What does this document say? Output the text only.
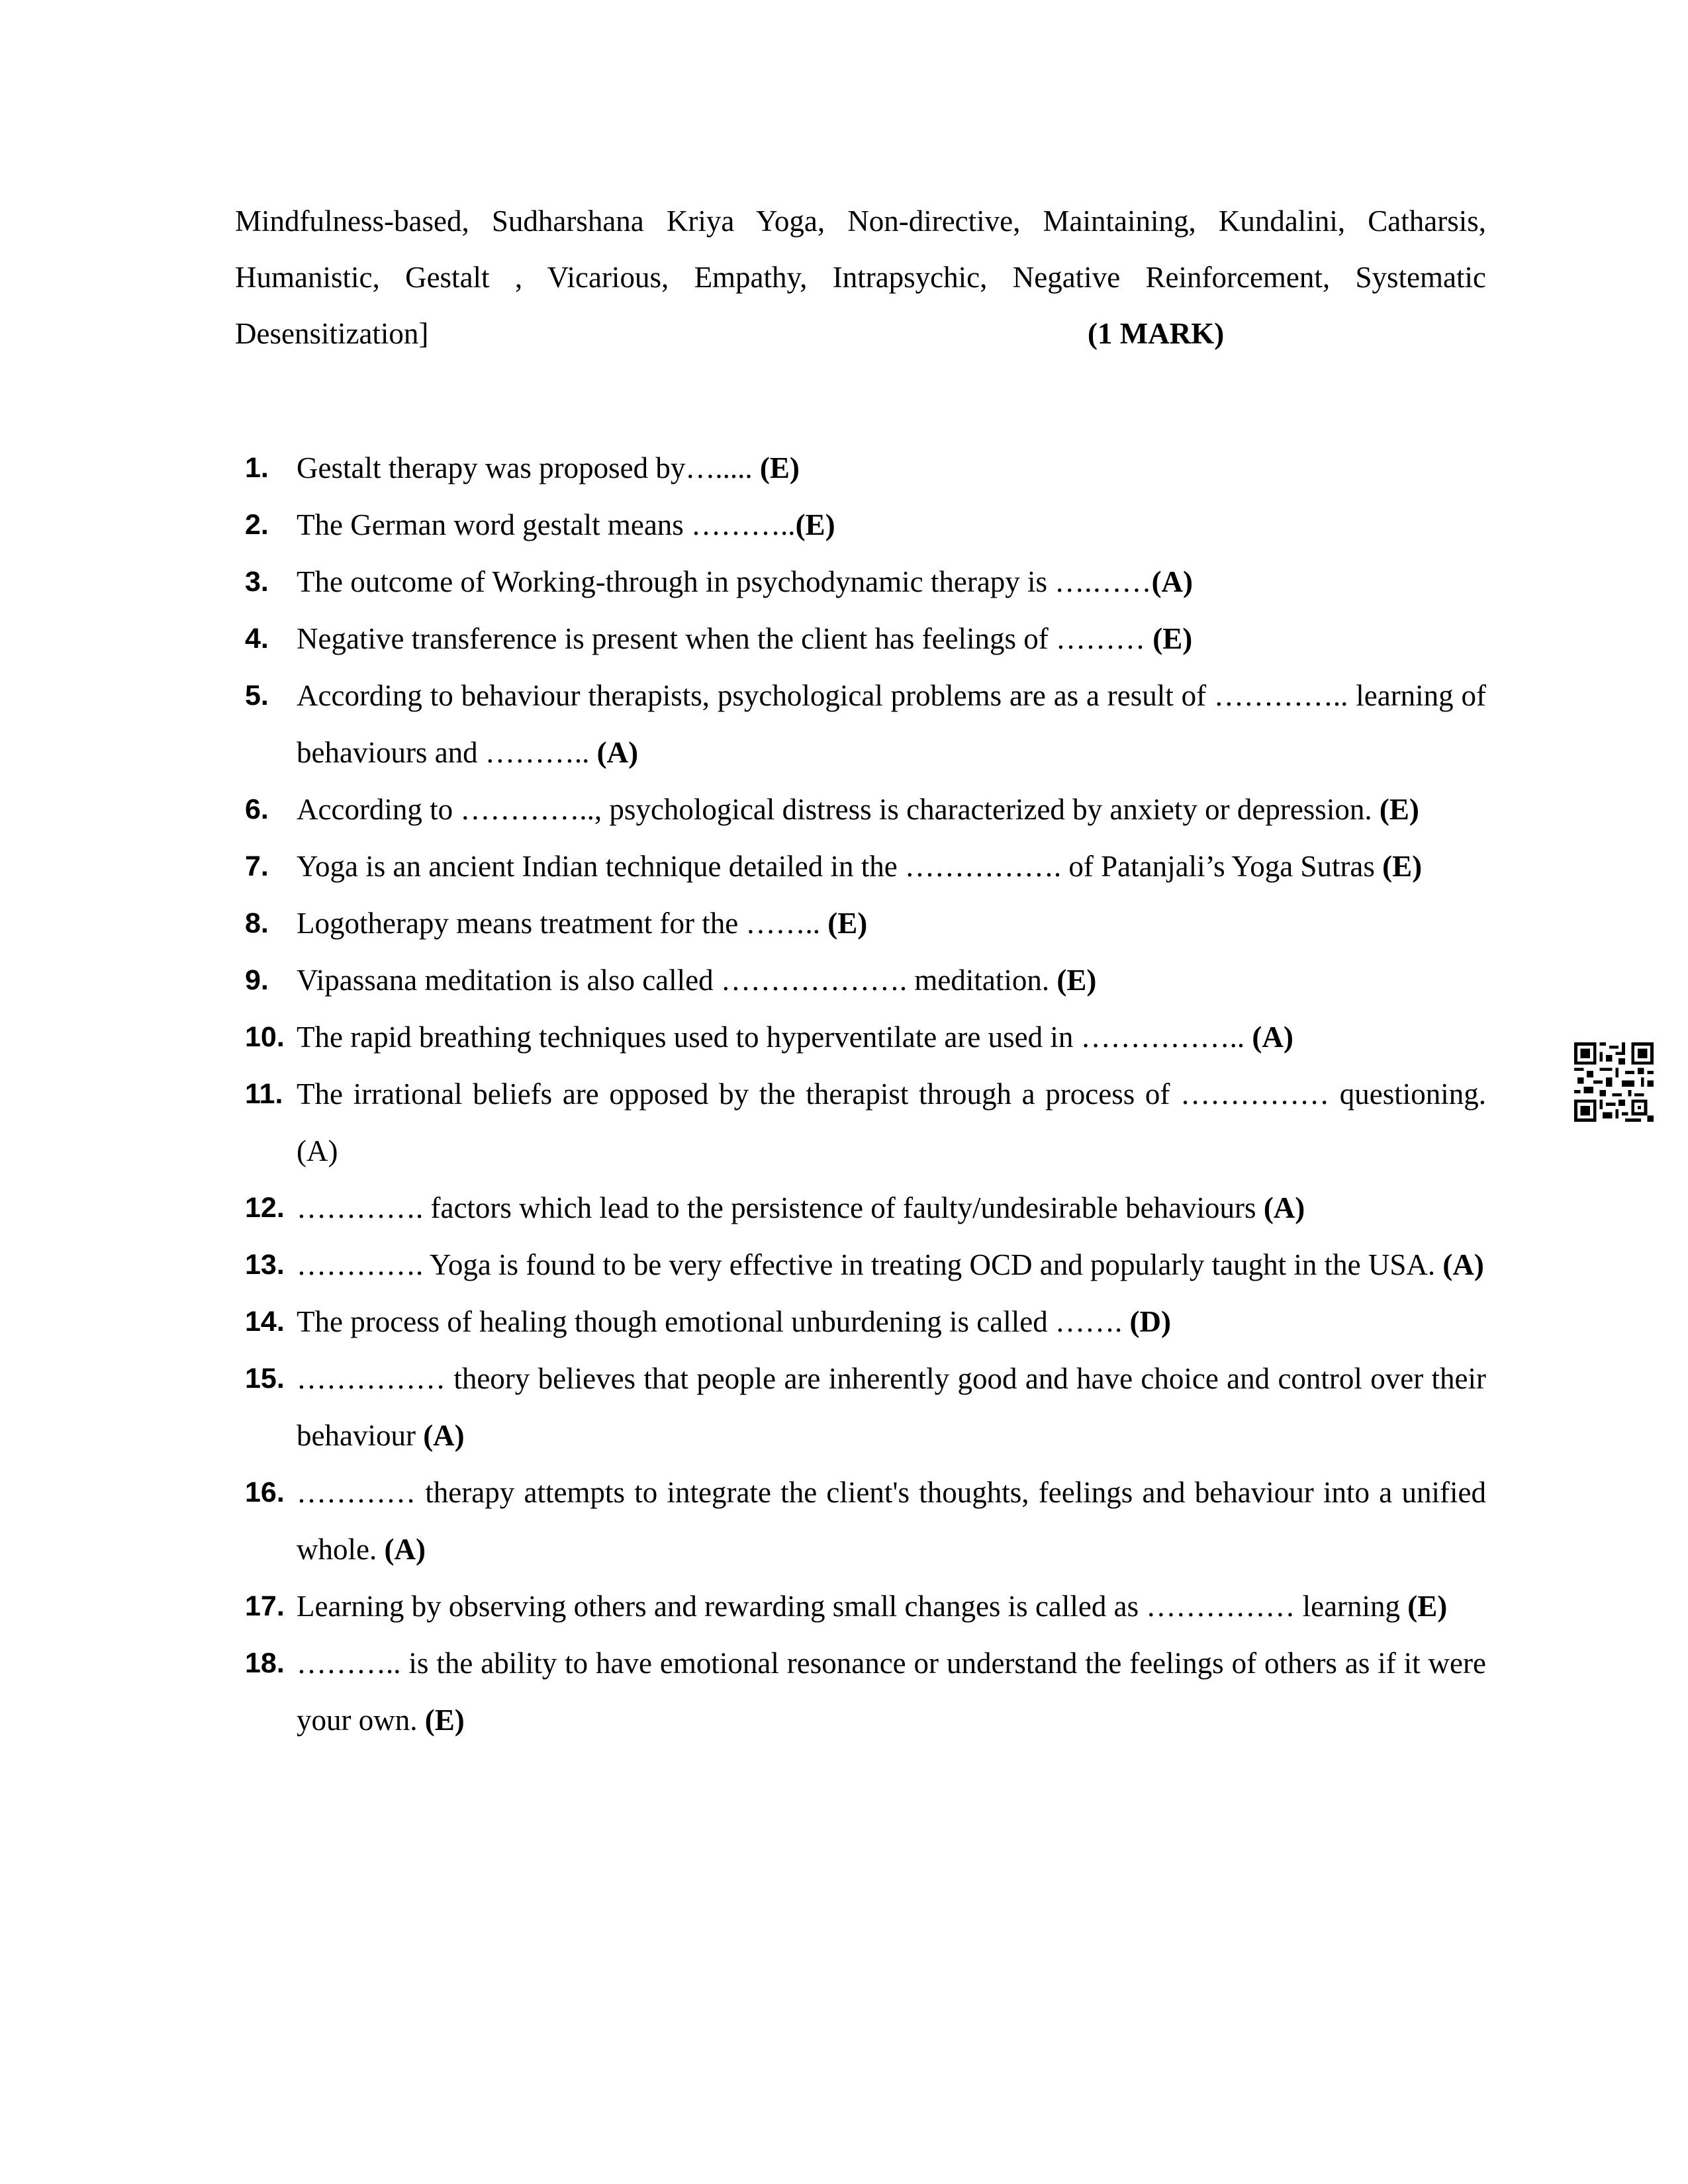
Mindfulness-based, Sudharshana Kriya Yoga, Non-directive, Maintaining, Kundalini, Catharsis, Humanistic, Gestalt , Vicarious, Empathy, Intrapsychic, Negative Reinforcement, Systematic Desensitization]	(1 MARK)
1. Gestalt therapy was proposed by…..... (E)
2. The German word gestalt means ………..(E)
3. The outcome of Working-through in psychodynamic therapy is ….……(A)
4. Negative transference is present when the client has feelings of ……… (E)
5. According to behaviour therapists, psychological problems are as a result of ………….. learning of behaviours and ……….. (A)
6. According to ………….., psychological distress is characterized by anxiety or depression. (E)
7. Yoga is an ancient Indian technique detailed in the ……………. of Patanjali’s Yoga Sutras (E)
8. Logotherapy means treatment for the …….. (E)
9. Vipassana meditation is also called ………………. meditation. (E)
10. The rapid breathing techniques used to hyperventilate are used in …………….. (A)
11. The irrational beliefs are opposed by the therapist through a process of …………… questioning.(A)
12. …………. factors which lead to the persistence of faulty/undesirable behaviours (A)
13. …………. Yoga is found to be very effective in treating OCD and popularly taught in the USA. (A)
14. The process of healing though emotional unburdening is called ……. (D)
15. …………… theory believes that people are inherently good and have choice and control over their behaviour (A)
16. ………… therapy attempts to integrate the client's thoughts, feelings and behaviour into a unified whole. (A)
17. Learning by observing others and rewarding small changes is called as …………… learning (E)
18. ……….. is the ability to have emotional resonance or understand the feelings of others as if it were your own. (E)
